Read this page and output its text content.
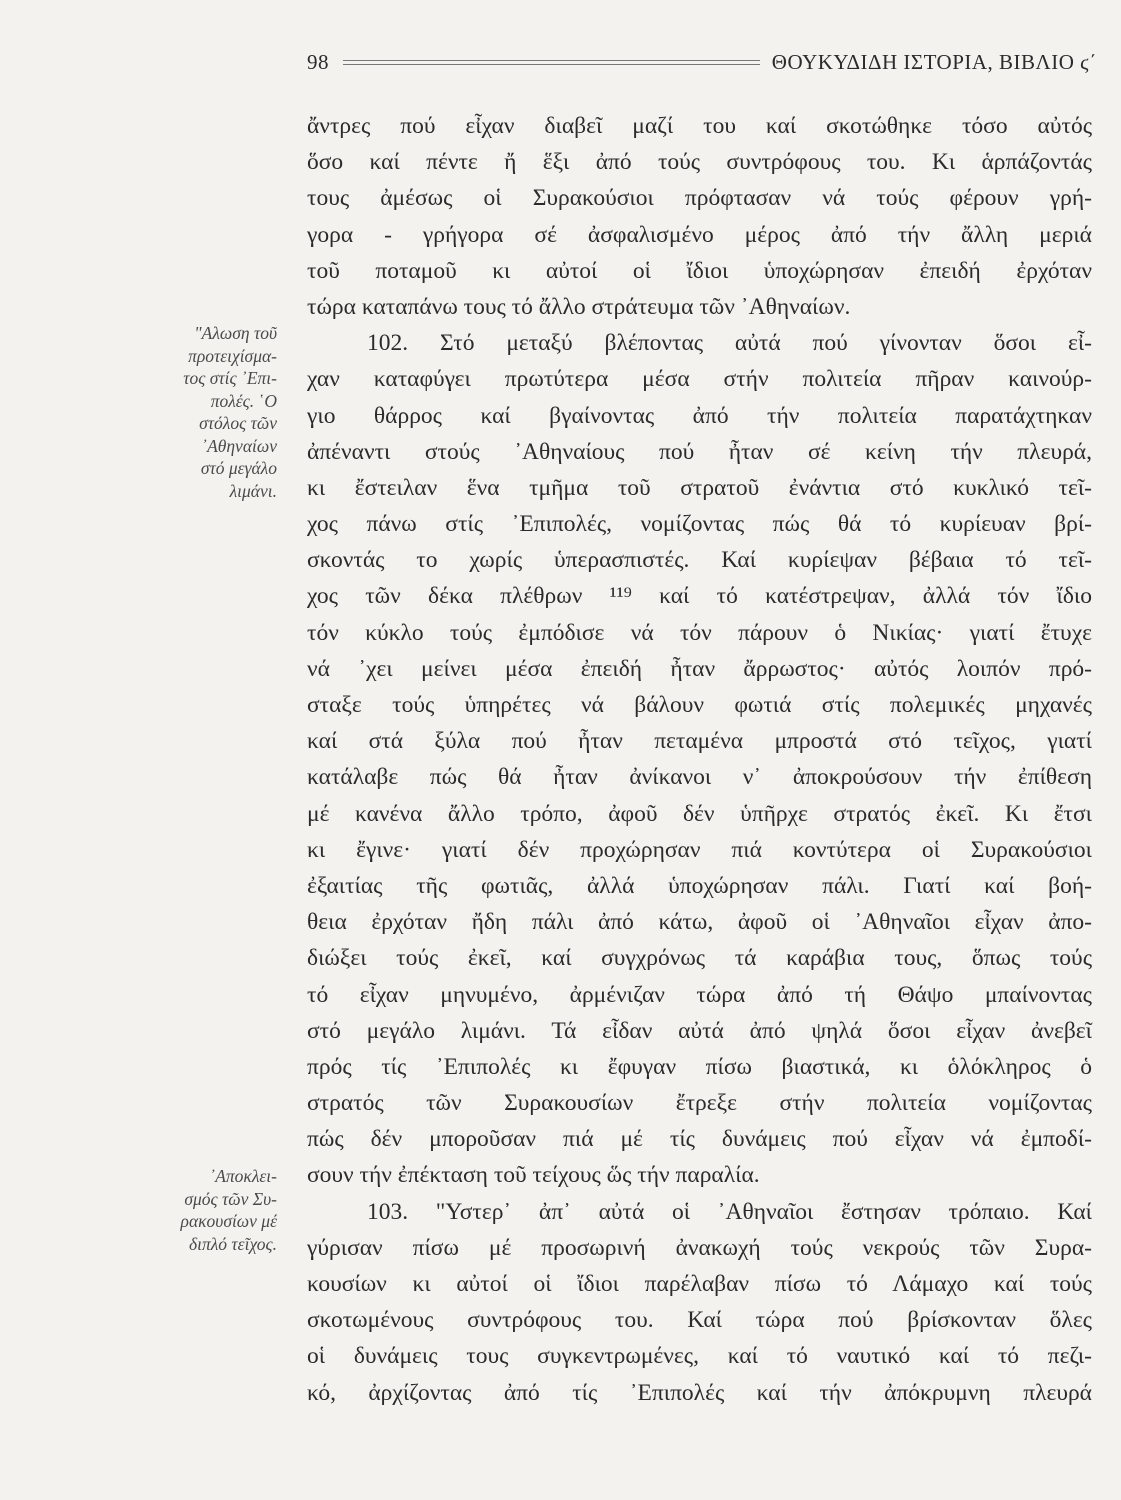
98	ΘΟΥΚΥΔΙΔΗ ΙΣΤΟΡΙΑ, ΒΙΒΛΙΟ ϛ΄
"Αλωση τοῦ
προτειχίσμα-
τος στίς ᾿Επι-
πολές. ῾Ο
στόλος τῶν
᾿Αθηναίων
στό μεγάλο
λιμάνι.
᾿Αποκλει-
σμός τῶν Συ-
ρακουσίων μέ
διπλό τεῖχος.
ἄντρες πού εἶχαν διαβεῖ μαζί του καί σκοτώθηκε τόσο αὐτός
ὅσο καί πέντε ἤ ἕξι ἀπό τούς συντρόφους του. Κι ἁρπάζοντάς
τους ἀμέσως οἱ Συρακούσιοι πρόφτασαν νά τούς φέρουν γρή-
γορα - γρήγορα σέ ἀσφαλισμένο μέρος ἀπό τήν ἄλλη μεριά
τοῦ ποταμοῦ κι αὐτοί οἱ ἴδιοι ὑποχώρησαν ἐπειδή ἐρχόταν
τώρα καταπάνω τους τό ἄλλο στράτευμα τῶν ᾿Αθηναίων.
102. Στό μεταξύ βλέποντας αὐτά πού γίνονταν ὅσοι εἶ-
χαν καταφύγει πρωτύτερα μέσα στήν πολιτεία πῆραν καινούρ-
γιο θάρρος καί βγαίνοντας ἀπό τήν πολιτεία παρατάχτηκαν
ἀπέναντι στούς ᾿Αθηναίους πού ἦταν σέ κείνη τήν πλευρά,
κι ἔστειλαν ἕνα τμῆμα τοῦ στρατοῦ ἐνάντια στό κυκλικό τεῖ-
χος πάνω στίς ᾿Επιπολές, νομίζοντας πώς θά τό κυρίευαν βρί-
σκοντάς το χωρίς ὑπερασπιστές. Καί κυρίεψαν βέβαια τό τεῖ-
χος τῶν δέκα πλέθρων ¹¹⁹ καί τό κατέστρεψαν, ἀλλά τόν ἴδιο
τόν κύκλο τούς ἐμπόδισε νά τόν πάρουν ὁ Νικίας· γιατί ἔτυχε
νά ᾿χει μείνει μέσα ἐπειδή ἦταν ἄρρωστος· αὐτός λοιπόν πρό-
σταξε τούς ὑπηρέτες νά βάλουν φωτιά στίς πολεμικές μηχανές
καί στά ξύλα πού ἦταν πεταμένα μπροστά στό τεῖχος, γιατί
κατάλαβε πώς θά ἦταν ἀνίκανοι ν᾿ ἀποκρούσουν τήν ἐπίθεση
μέ κανένα ἄλλο τρόπο, ἀφοῦ δέν ὑπῆρχε στρατός ἐκεῖ. Κι ἔτσι
κι ἔγινε· γιατί δέν προχώρησαν πιά κοντύτερα οἱ Συρακούσιοι
ἐξαιτίας τῆς φωτιᾶς, ἀλλά ὑποχώρησαν πάλι. Γιατί καί βοή-
θεια ἐρχόταν ἤδη πάλι ἀπό κάτω, ἀφοῦ οἱ ᾿Αθηναῖοι εἶχαν ἀπο-
διώξει τούς ἐκεῖ, καί συγχρόνως τά καράβια τους, ὅπως τούς
τό εἶχαν μηνυμένο, ἀρμένιζαν τώρα ἀπό τή Θάψο μπαίνοντας
στό μεγάλο λιμάνι. Τά εἶδαν αὐτά ἀπό ψηλά ὅσοι εἶχαν ἀνεβεῖ
πρός τίς ᾿Επιπολές κι ἔφυγαν πίσω βιαστικά, κι ὁλόκληρος ὁ
στρατός τῶν Συρακουσίων ἔτρεξε στήν πολιτεία νομίζοντας
πώς δέν μποροῦσαν πιά μέ τίς δυνάμεις πού εἶχαν νά ἐμποδί-
σουν τήν ἐπέκταση τοῦ τείχους ὥς τήν παραλία.
103. "Υστερ᾿ ἀπ᾿ αὐτά οἱ ᾿Αθηναῖοι ἔστησαν τρόπαιο. Καί
γύρισαν πίσω μέ προσωρινή ἀνακωχή τούς νεκρούς τῶν Συρα-
κουσίων κι αὐτοί οἱ ἴδιοι παρέλαβαν πίσω τό Λάμαχο καί τούς
σκοτωμένους συντρόφους του. Καί τώρα πού βρίσκονταν ὅλες
οἱ δυνάμεις τους συγκεντρωμένες, καί τό ναυτικό καί τό πεζι-
κό, ἀρχίζοντας ἀπό τίς ᾿Επιπολές καί τήν ἀπόκρυμνη πλευρά
